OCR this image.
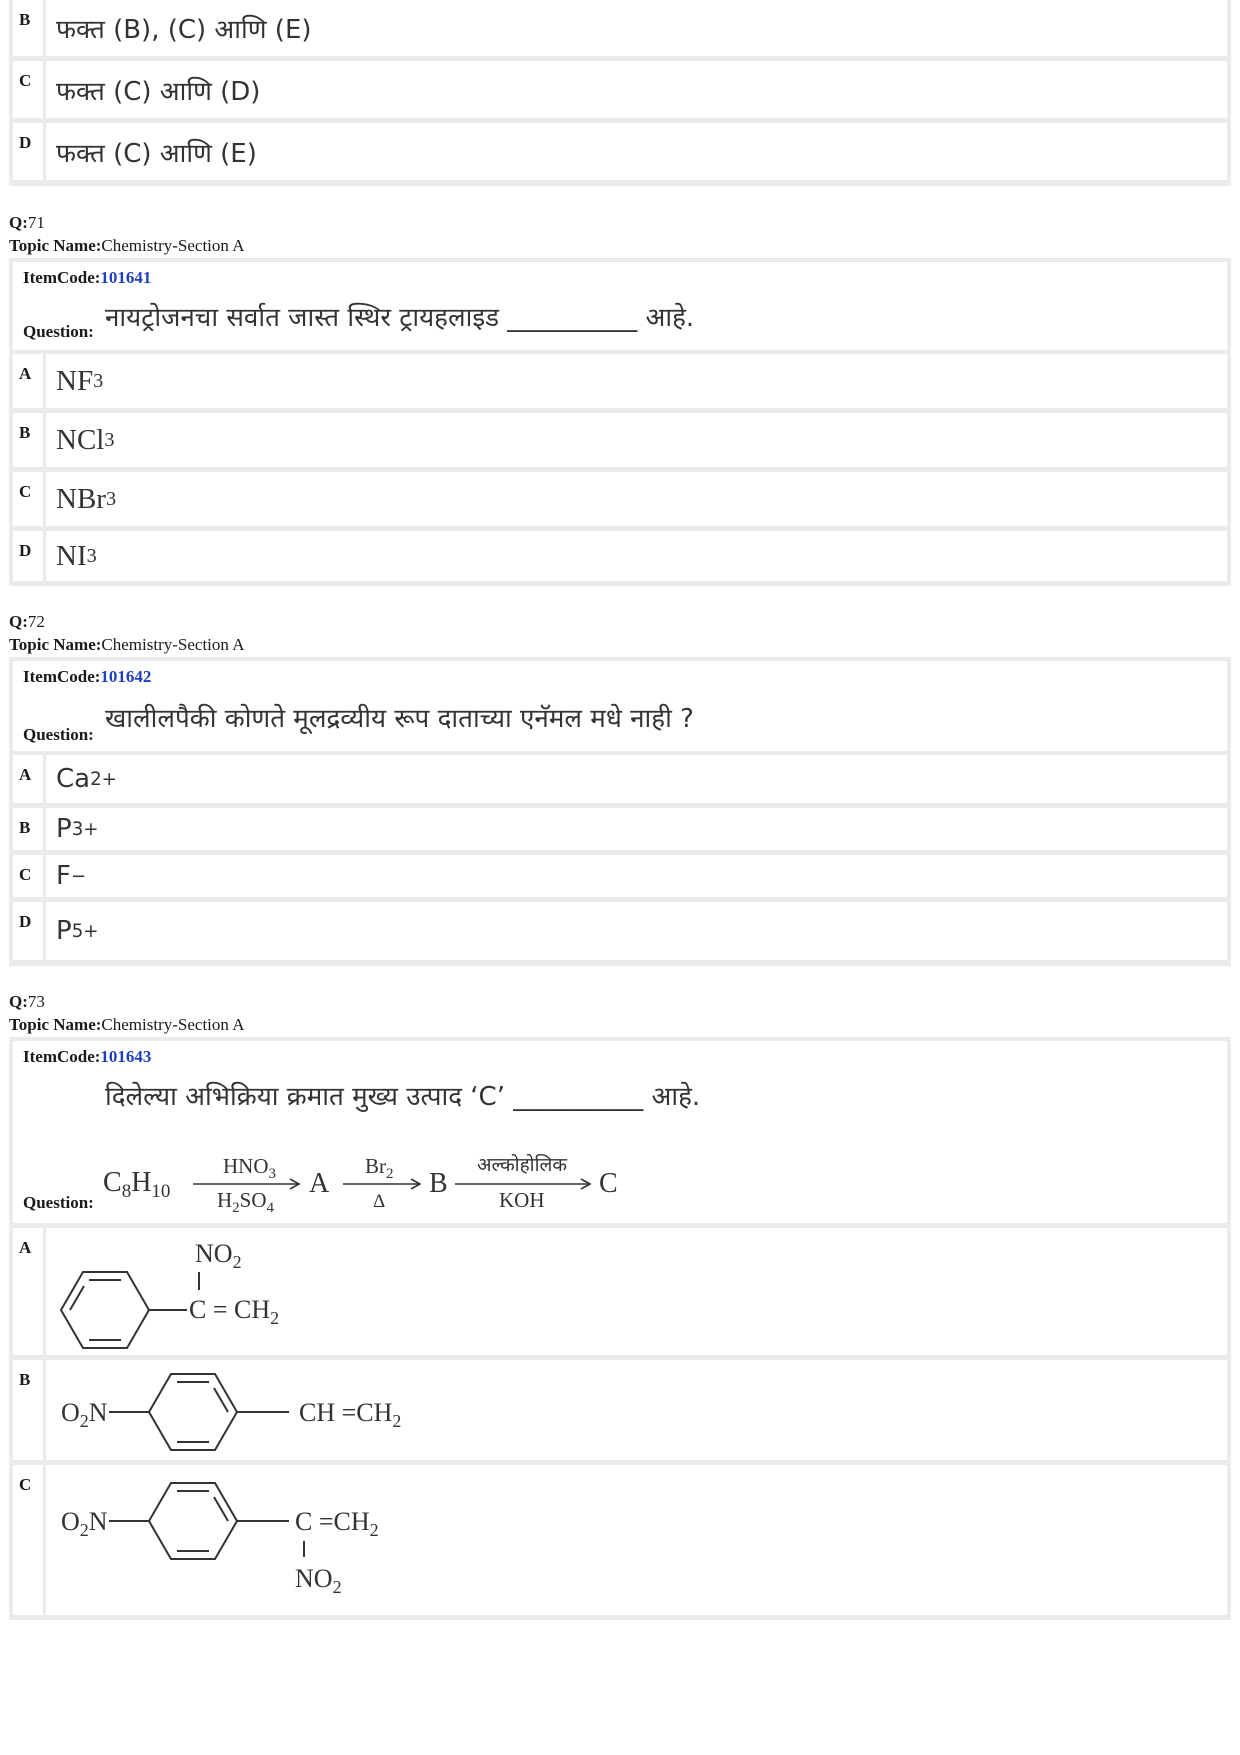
B फक्त (B), (C) आणि (E)
C फक्त (C) आणि (D)
D फक्त (C) आणि (E)
Q:71
Topic Name:Chemistry-Section A
ItemCode:101641
नायट्रोजनचा सर्वात जास्त स्थिर ट्रायहलाइड __________ आहे.
Question:
A NF 3
B NCl 3
C NBr 3
D NI 3
Q:72
Topic Name:Chemistry-Section A
ItemCode:101642
खालीलपैकी कोणते मूलद्रव्यीय रूप दाताच्या एनॅमल मधे नाही ?
Question:
A Ca 2+
B P 3+
C F −
D P 5+
Q:73
Topic Name:Chemistry-Section A
ItemCode:101643
दिलेल्या अभिक्रिया क्रमात मुख्य उत्पाद ‘C’ __________ आहे.
$C_8H_{10}$
$HNO_3$
$H_2SO_4$
A
$Br_2$
Δ
B
अल्कोहोलिक
KOH
C
Question:
A	$NO_2$
$C = CH_2$
B
$O_2N$	CH $=CH_2$
C
$O_2N$	$C =CH_2$
$NO_2$
